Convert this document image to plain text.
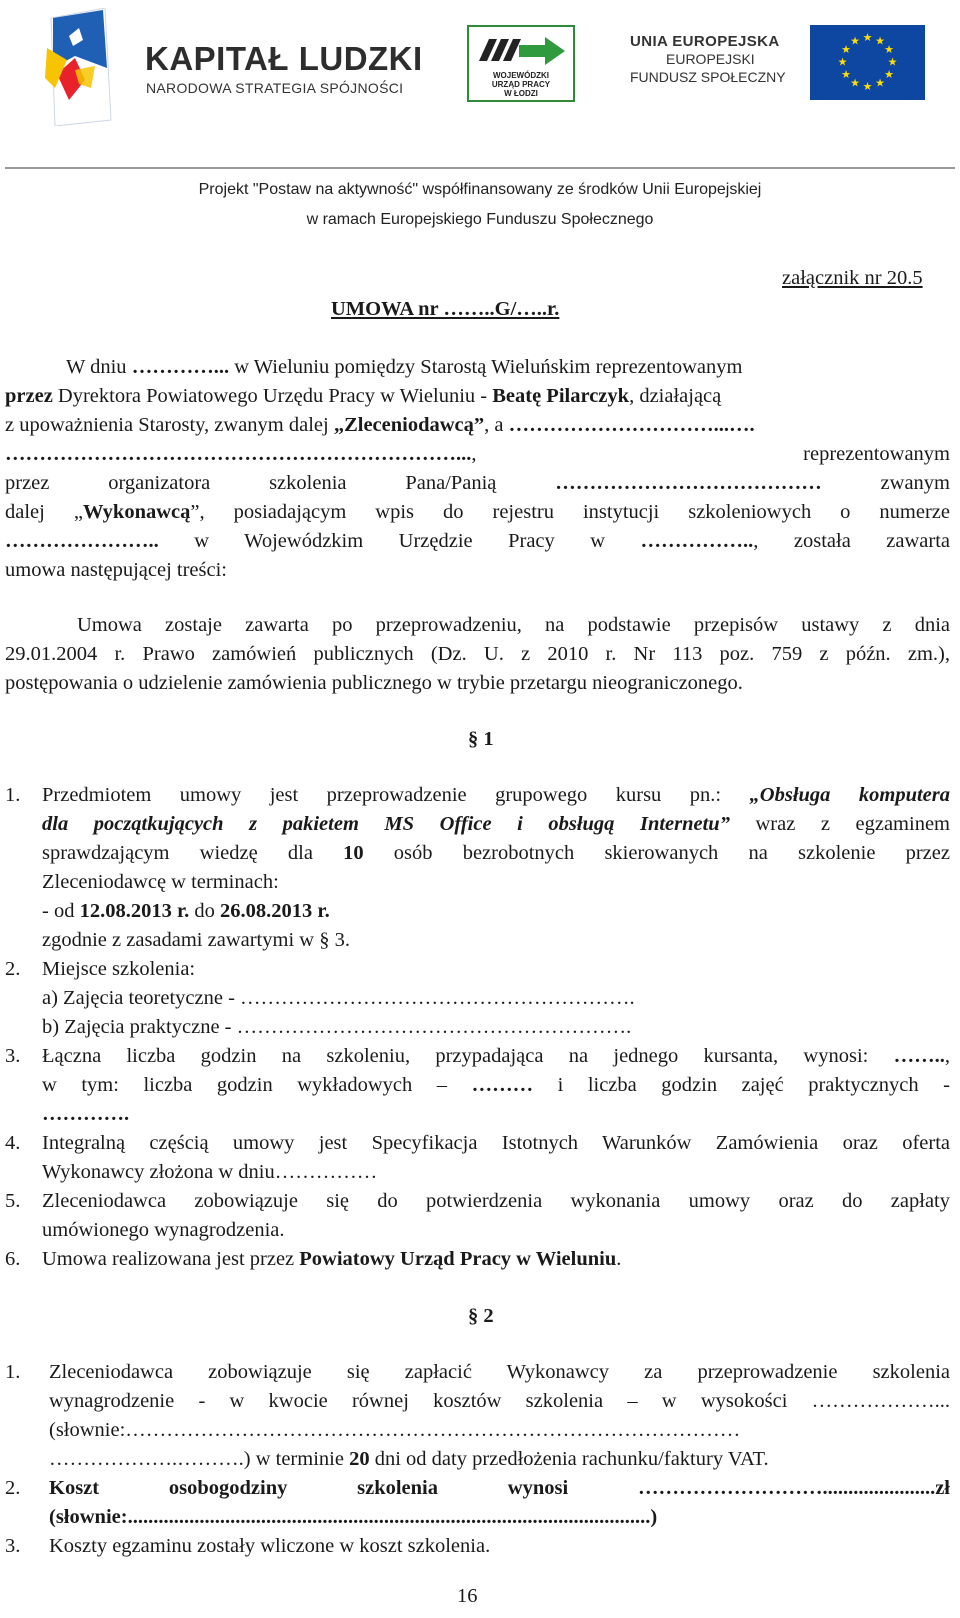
KAPITAŁ LUDZKI
NARODOWA STRATEGIA SPÓJNOŚCI
WOJEWÓDZKI
URZĄD PRACY
W ŁODZI
UNIA EUROPEJSKA
EUROPEJSKI
FUNDUSZ SPOŁECZNY
★ ★
★
★
★
★
★
★
★
★
★
★
Projekt "Postaw na aktywność" współfinansowany ze środków Unii Europejskiej
w ramach Europejskiego Funduszu Społecznego
załącznik nr 20.5
UMOWA nr ……..G/…..r.
W dniu …………... w Wieluniu pomiędzy Starostą Wieluńskim reprezentowanym
przez Dyrektora Powiatowego Urzędu Pracy w Wieluniu - Beatę Pilarczyk, działającą
z upoważnienia Starosty, zwanym dalej „Zleceniodawcą”, a …………………………...….
…………………………………………………………..., reprezentowanym
przez organizatora szkolenia Pana/Panią ………………………………… zwanym
dalej „Wykonawcą”, posiadającym wpis do rejestru instytucji szkoleniowych o numerze
………………….. w Wojewódzkim Urzędzie Pracy w …………….., została zawarta
umowa następującej treści:
Umowa zostaje zawarta po przeprowadzeniu, na podstawie przepisów ustawy z dnia
29.01.2004 r. Prawo zamówień publicznych (Dz. U. z 2010 r. Nr 113 poz. 759 z późn. zm.),
postępowania o udzielenie zamówienia publicznego w trybie przetargu nieograniczonego.
§ 1
1. Przedmiotem umowy jest przeprowadzenie grupowego kursu pn.: „Obsługa komputera
dla początkujących z pakietem MS Office i obsługą Internetu” wraz z egzaminem
sprawdzającym wiedzę dla 10 osób bezrobotnych skierowanych na szkolenie przez
Zleceniodawcę w terminach:
- od 12.08.2013 r. do 26.08.2013 r.
zgodnie z zasadami zawartymi w § 3.
2. Miejsce szkolenia:
a) Zajęcia teoretyczne - ………………………………………………….
b) Zajęcia praktyczne - ………………………………………………….
3. Łączna liczba godzin na szkoleniu, przypadająca na jednego kursanta, wynosi: ……..,
w tym: liczba godzin wykładowych – ……… i liczba godzin zajęć praktycznych -
………….
4. Integralną częścią umowy jest Specyfikacja Istotnych Warunków Zamówienia oraz oferta
Wykonawcy złożona w dniu……………
5. Zleceniodawca zobowiązuje się do potwierdzenia wykonania umowy oraz do zapłaty
umówionego wynagrodzenia.
6. Umowa realizowana jest przez Powiatowy Urząd Pracy w Wieluniu.
§ 2
1. Zleceniodawca zobowiązuje się zapłacić Wykonawcy za przeprowadzenie szkolenia
wynagrodzenie - w kwocie równej kosztów szkolenia – w wysokości ………………...
(słownie:………………………………………………………………………………
……………….……….) w terminie 20 dni od daty przedłożenia rachunku/faktury VAT.
2. Koszt osobogodziny szkolenia wynosi	………………………......................zł
(słownie:......................................................................................................)
3. Koszty egzaminu zostały wliczone w koszt szkolenia.
16
